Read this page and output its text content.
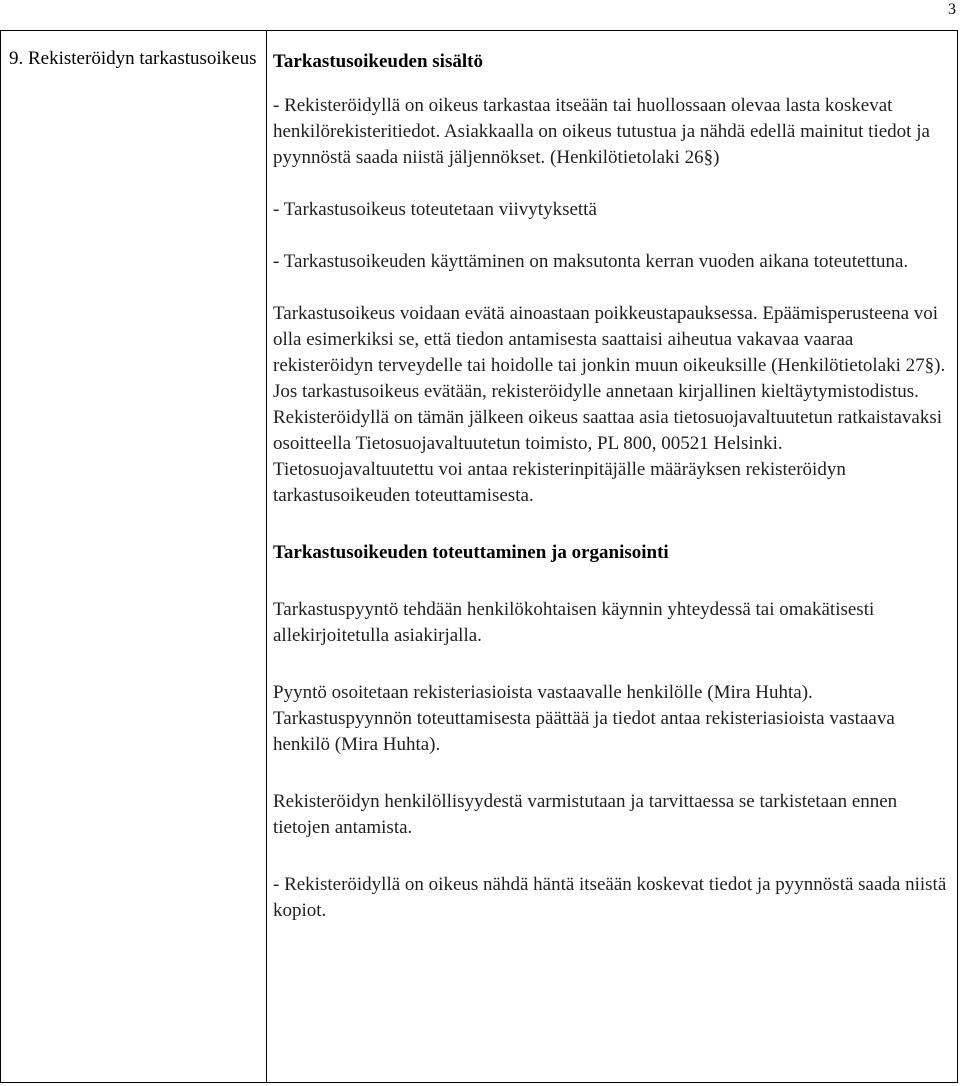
3
9. Rekisteröidyn tarkastusoikeus Tarkastusoikeuden sisältö

- Rekisteröidyllä on oikeus tarkastaa itseään tai huollossaan olevaa lasta koskevat henkilörekisteritiedot. Asiakkaalla on oikeus tutustua ja nähdä edellä mainitut tiedot ja pyynnöstä saada niistä jäljennökset. (Henkilötietolaki 26§)

- Tarkastusoikeus toteutetaan viivytyksettä

- Tarkastusoikeuden käyttäminen on maksutonta kerran vuoden aikana toteutettuna.

Tarkastusoikeus voidaan evätä ainoastaan poikkeustapauksessa. Epäämisperusteena voi olla esimerkiksi se, että tiedon antamisesta saattaisi aiheutua vakavaa vaaraa rekisteröidyn terveydelle tai hoidolle tai jonkin muun oikeuksille (Henkilötietolaki 27§).

Jos tarkastusoikeus evätään, rekisteröidylle annetaan kirjallinen kieltäytymistodistus.

Rekisteröidyllä on tämän jälkeen oikeus saattaa asia tietosuojavaltuutetun ratkaistavaksi osoitteella Tietosuojavaltuutetun toimisto, PL 800, 00521 Helsinki.

Tietosuojavaltuutettu voi antaa rekisterinpitäjälle määräyksen rekisteröidyn tarkastusoikeuden toteuttamisesta.

Tarkastusoikeuden toteuttaminen ja organisointi

Tarkastuspyyntö tehdään henkilökohtaisen käynnin yhteydessä tai omakätisesti allekirjoitetulla asiakirjalla.

Pyyntö osoitetaan rekisteriasioista vastaavalle henkilölle (Mira Huhta).

Tarkastuspyynnön toteuttamisesta päättää ja tiedot antaa rekisteriasioista vastaava henkilö (Mira Huhta).

Rekisteröidyn henkilöllisyydestä varmistutaan ja tarvittaessa se tarkistetaan ennen tietojen antamista.

- Rekisteröidyllä on oikeus nähdä häntä itseään koskevat tiedot ja pyynnöstä saada niistä kopiot.
